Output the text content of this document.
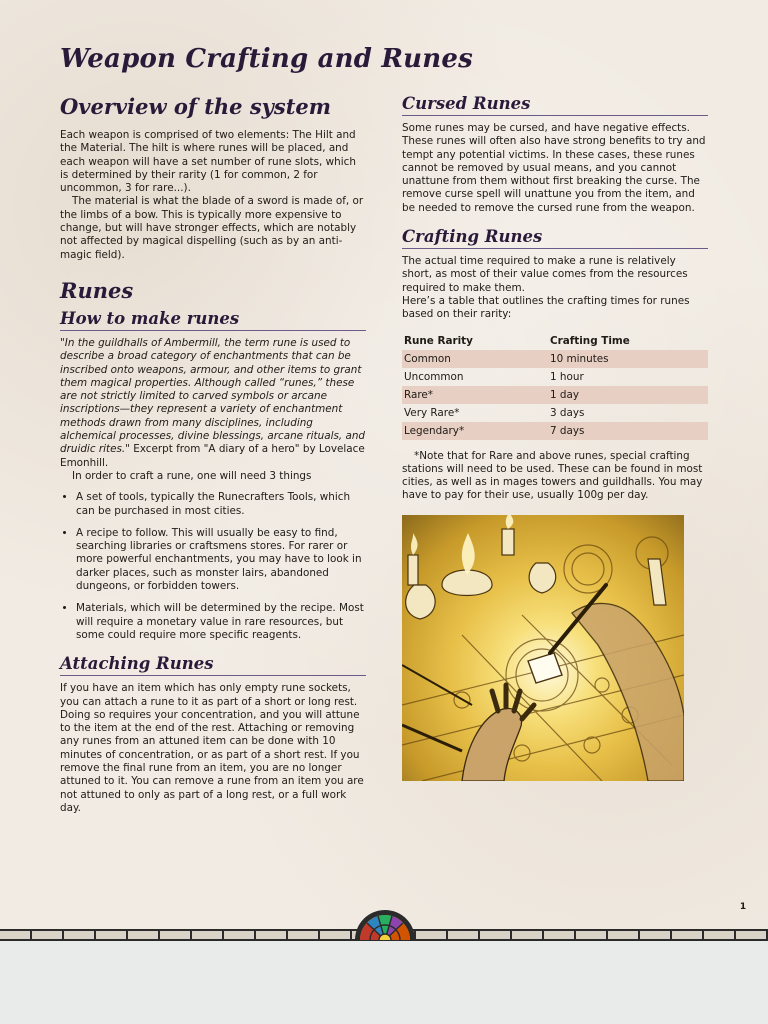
Weapon Crafting and Runes
Overview of the system

Each weapon is comprised of two elements: The Hilt and the Material. The hilt is where runes will be placed, and each weapon will have a set number of rune slots, which is determined by their rarity (1 for common, 2 for uncommon, 3 for rare...).

The material is what the blade of a sword is made of, or the limbs of a bow. This is typically more expensive to change, but will have stronger effects, which are notably not affected by magical dispelling (such as by an anti-magic field).

Runes
How to make runes

"In the guildhalls of Ambermill, the term rune is used to describe a broad category of enchantments that can be inscribed onto weapons, armour, and other items to grant them magical properties. Although called “runes,” these are not strictly limited to carved symbols or arcane inscriptions—they represent a variety of enchantment methods drawn from many disciplines, including alchemical processes, divine blessings, arcane rituals, and druidic rites." Excerpt from "A diary of a hero" by Lovelace Emonhill.

In order to craft a rune, one will need 3 things

• A set of tools, typically the Runecrafters Tools, which can be purchased in most cities.
• A recipe to follow. This will usually be easy to find, searching libraries or craftsmens stores. For rarer or more powerful enchantments, you may have to look in darker places, such as monster lairs, abandoned dungeons, or forbidden towers.
• Materials, which will be determined by the recipe. Most will require a monetary value in rare resources, but some could require more specific reagents.
Attaching Runes

If you have an item which has only empty rune sockets, you can attach a rune to it as part of a short or long rest. Doing so requires your concentration, and you will attune to the item at the end of the rest. Attaching or removing any runes from an attuned item can be done with 10 minutes of concentration, or as part of a short rest. If you remove the final rune from an item, you are no longer attuned to it. You can remove a rune from an item you are not attuned to only as part of a long rest, or a full work day.

Cursed Runes

Some runes may be cursed, and have negative effects. These runes will often also have strong benefits to try and tempt any potential victims. In these cases, these runes cannot be removed by usual means, and you cannot unattune from them without first breaking the curse. The remove curse spell will unattune you from the item, and be needed to remove the cursed rune from the weapon.

Crafting Runes

The actual time required to make a rune is relatively short, as most of their value comes from the resources required to make them.

Here’s a table that outlines the crafting times for runes based on their rarity:

Rune Rarity	Crafting Time
Common	10 minutes
Uncommon	1 hour
Rare*	1 day
Very Rare*	3 days
Legendary*	7 days

*Note that for Rare and above runes, special crafting stations will need to be used. These can be found in most cities, as well as in mages towers and guildhalls. You may have to pay for their use, usually 100g per day.

1
